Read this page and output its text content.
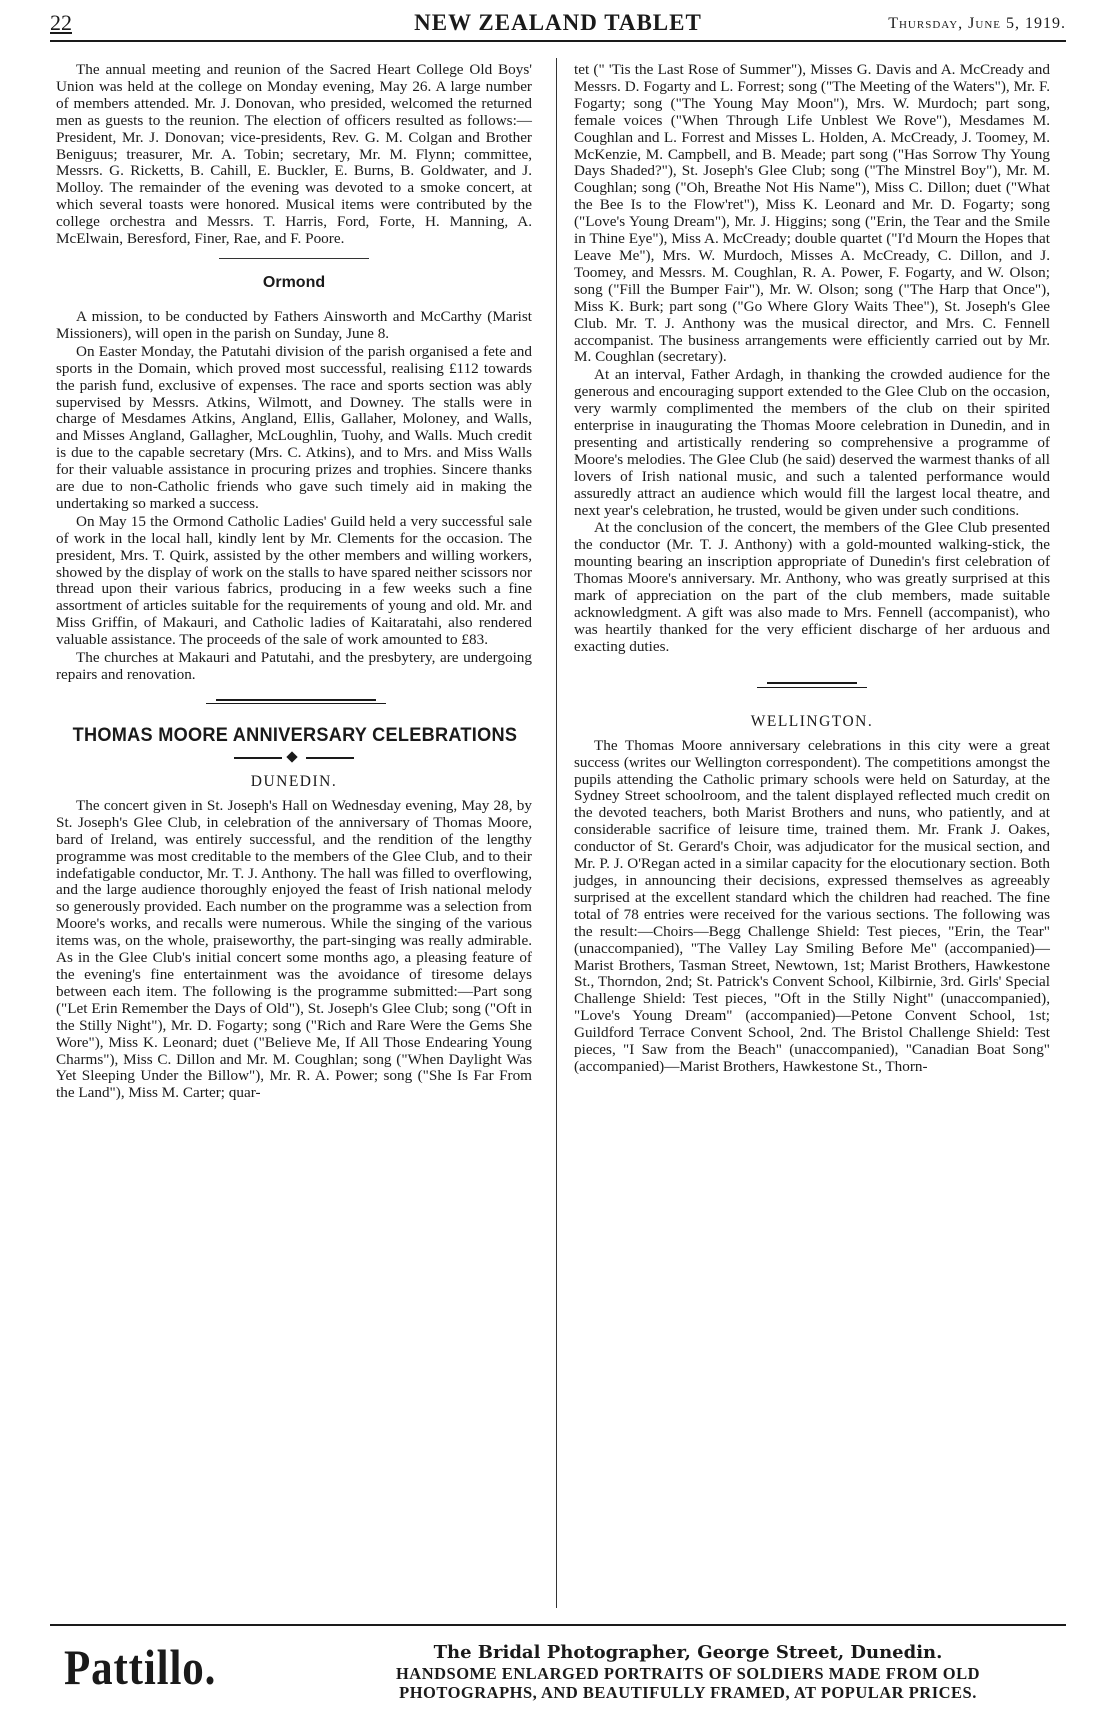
22	NEW ZEALAND TABLET	Thursday, June 5, 1919.

The annual meeting and reunion of the Sacred Heart College Old Boys' Union was held at the college on Monday evening, May 26. A large number of members attended. Mr. J. Donovan, who presided, welcomed the returned men as guests to the reunion. The election of officers resulted as follows:—President, Mr. J. Donovan; vice-presidents, Rev. G. M. Colgan and Brother Beniguus; treasurer, Mr. A. Tobin; secretary, Mr. M. Flynn; committee, Messrs. G. Ricketts, B. Cahill, E. Buckler, E. Burns, B. Goldwater, and J. Molloy. The remainder of the evening was devoted to a smoke concert, at which several toasts were honored. Musical items were contributed by the college orchestra and Messrs. T. Harris, Ford, Forte, H. Manning, A. McElwain, Beresford, Finer, Rae, and F. Poore.

Ormond

A mission, to be conducted by Fathers Ainsworth and McCarthy (Marist Missioners), will open in the parish on Sunday, June 8.

On Easter Monday, the Patutahi division of the parish organised a fete and sports in the Domain, which proved most successful, realising £112 towards the parish fund, exclusive of expenses. The race and sports section was ably supervised by Messrs. Atkins, Wilmott, and Downey. The stalls were in charge of Mesdames Atkins, Angland, Ellis, Gallaher, Moloney, and Walls, and Misses Angland, Gallagher, McLoughlin, Tuohy, and Walls. Much credit is due to the capable secretary (Mrs. C. Atkins), and to Mrs. and Miss Walls for their valuable assistance in procuring prizes and trophies. Sincere thanks are due to non-Catholic friends who gave such timely aid in making the undertaking so marked a success.

On May 15 the Ormond Catholic Ladies' Guild held a very successful sale of work in the local hall, kindly lent by Mr. Clements for the occasion. The president, Mrs. T. Quirk, assisted by the other members and willing workers, showed by the display of work on the stalls to have spared neither scissors nor thread upon their various fabrics, producing in a few weeks such a fine assortment of articles suitable for the requirements of young and old. Mr. and Miss Griffin, of Makauri, and Catholic ladies of Kaitaratahi, also rendered valuable assistance. The proceeds of the sale of work amounted to £83.

The churches at Makauri and Patutahi, and the presbytery, are undergoing repairs and renovation.

THOMAS MOORE ANNIVERSARY CELEBRATIONS
DUNEDIN.

The concert given in St. Joseph's Hall on Wednesday evening, May 28, by St. Joseph's Glee Club, in celebration of the anniversary of Thomas Moore, bard of Ireland, was entirely successful, and the rendition of the lengthy programme was most creditable to the members of the Glee Club, and to their indefatigable conductor, Mr. T. J. Anthony. The hall was filled to overflowing, and the large audience thoroughly enjoyed the feast of Irish national melody so generously provided. Each number on the programme was a selection from Moore's works, and recalls were numerous. While the singing of the various items was, on the whole, praiseworthy, the part-singing was really admirable. As in the Glee Club's initial concert some months ago, a pleasing feature of the evening's fine entertainment was the avoidance of tiresome delays between each item. The following is the programme submitted:—Part song ("Let Erin Remember the Days of Old"), St. Joseph's Glee Club; song ("Oft in the Stilly Night"), Mr. D. Fogarty; song ("Rich and Rare Were the Gems She Wore"), Miss K. Leonard; duet ("Believe Me, If All Those Endearing Young Charms"), Miss C. Dillon and Mr. M. Coughlan; song ("When Daylight Was Yet Sleeping Under the Billow"), Mr. R. A. Power; song ("She Is Far From the Land"), Miss M. Carter; quar-

tet (" 'Tis the Last Rose of Summer"), Misses G. Davis and A. McCready and Messrs. D. Fogarty and L. Forrest; song ("The Meeting of the Waters"), Mr. F. Fogarty; song ("The Young May Moon"), Mrs. W. Murdoch; part song, female voices ("When Through Life Unblest We Rove"), Mesdames M. Coughlan and L. Forrest and Misses L. Holden, A. McCready, J. Toomey, M. McKenzie, M. Campbell, and B. Meade; part song ("Has Sorrow Thy Young Days Shaded?"), St. Joseph's Glee Club; song ("The Minstrel Boy"), Mr. M. Coughlan; song ("Oh, Breathe Not His Name"), Miss C. Dillon; duet ("What the Bee Is to the Flow'ret"), Miss K. Leonard and Mr. D. Fogarty; song ("Love's Young Dream"), Mr. J. Higgins; song ("Erin, the Tear and the Smile in Thine Eye"), Miss A. McCready; double quartet ("I'd Mourn the Hopes that Leave Me"), Mrs. W. Murdoch, Misses A. McCready, C. Dillon, and J. Toomey, and Messrs. M. Coughlan, R. A. Power, F. Fogarty, and W. Olson; song ("Fill the Bumper Fair"), Mr. W. Olson; song ("The Harp that Once"), Miss K. Burk; part song ("Go Where Glory Waits Thee"), St. Joseph's Glee Club. Mr. T. J. Anthony was the musical director, and Mrs. C. Fennell accompanist. The business arrangements were efficiently carried out by Mr. M. Coughlan (secretary).

At an interval, Father Ardagh, in thanking the crowded audience for the generous and encouraging support extended to the Glee Club on the occasion, very warmly complimented the members of the club on their spirited enterprise in inaugurating the Thomas Moore celebration in Dunedin, and in presenting and artistically rendering so comprehensive a programme of Moore's melodies. The Glee Club (he said) deserved the warmest thanks of all lovers of Irish national music, and such a talented performance would assuredly attract an audience which would fill the largest local theatre, and next year's celebration, he trusted, would be given under such conditions.

At the conclusion of the concert, the members of the Glee Club presented the conductor (Mr. T. J. Anthony) with a gold-mounted walking-stick, the mounting bearing an inscription appropriate of Dunedin's first celebration of Thomas Moore's anniversary. Mr. Anthony, who was greatly surprised at this mark of appreciation on the part of the club members, made suitable acknowledgment. A gift was also made to Mrs. Fennell (accompanist), who was heartily thanked for the very efficient discharge of her arduous and exacting duties.

WELLINGTON.

The Thomas Moore anniversary celebrations in this city were a great success (writes our Wellington correspondent). The competitions amongst the pupils attending the Catholic primary schools were held on Saturday, at the Sydney Street schoolroom, and the talent displayed reflected much credit on the devoted teachers, both Marist Brothers and nuns, who patiently, and at considerable sacrifice of leisure time, trained them. Mr. Frank J. Oakes, conductor of St. Gerard's Choir, was adjudicator for the musical section, and Mr. P. J. O'Regan acted in a similar capacity for the elocutionary section. Both judges, in announcing their decisions, expressed themselves as agreeably surprised at the excellent standard which the children had reached. The fine total of 78 entries were received for the various sections. The following was the result:—Choirs—Begg Challenge Shield: Test pieces, "Erin, the Tear" (unaccompanied), "The Valley Lay Smiling Before Me" (accompanied)—Marist Brothers, Tasman Street, Newtown, 1st; Marist Brothers, Hawkestone St., Thorndon, 2nd; St. Patrick's Convent School, Kilbirnie, 3rd. Girls' Special Challenge Shield: Test pieces, "Oft in the Stilly Night" (unaccompanied), "Love's Young Dream" (accompanied)—Petone Convent School, 1st; Guildford Terrace Convent School, 2nd. The Bristol Challenge Shield: Test pieces, "I Saw from the Beach" (unaccompanied), "Canadian Boat Song" (accompanied)—Marist Brothers, Hawkestone St., Thorn-

Pattillo.	The Bridal Photographer, George Street, Dunedin.
HANDSOME ENLARGED PORTRAITS OF SOLDIERS MADE FROM OLD
PHOTOGRAPHS, AND BEAUTIFULLY FRAMED, AT POPULAR PRICES.
